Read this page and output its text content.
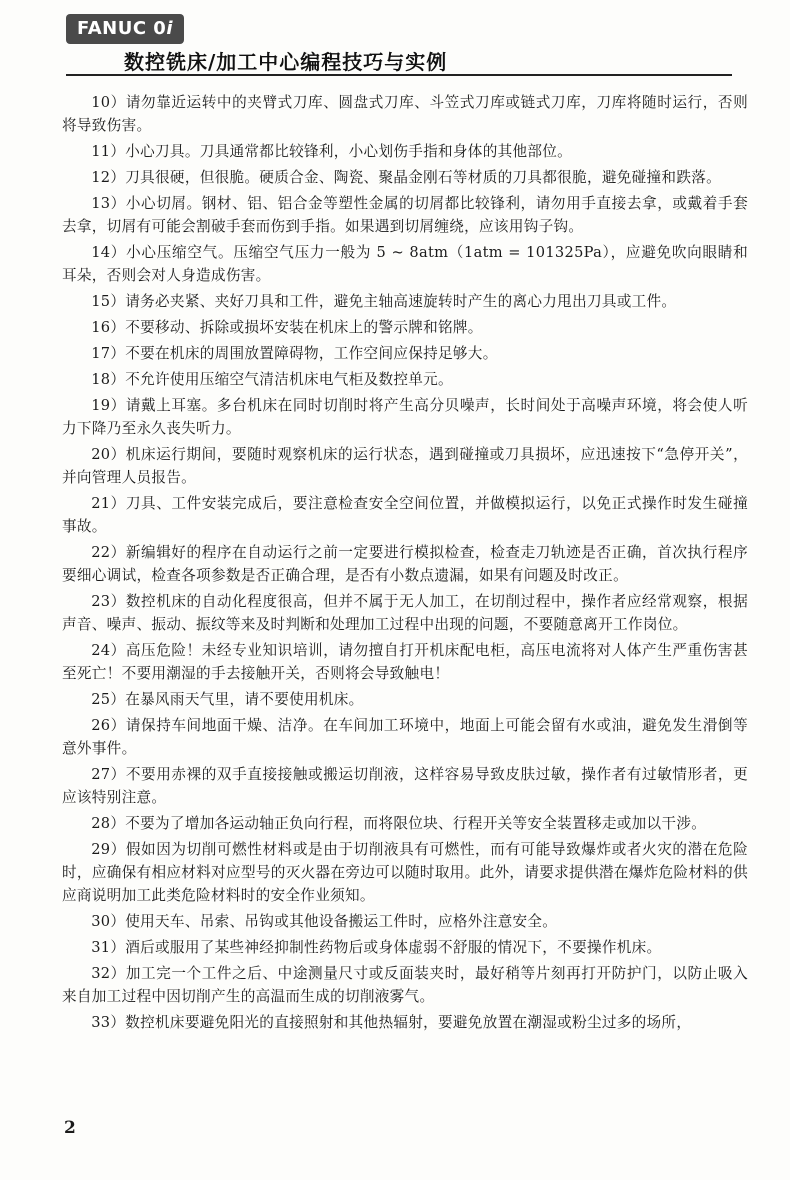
FANUC 0i
数控铣床/加工中心编程技巧与实例

10）请勿靠近运转中的夹臂式刀库、圆盘式刀库、斗笠式刀库或链式刀库，刀库将随时运行，否则将导致伤害。

11）小心刀具。刀具通常都比较锋利，小心划伤手指和身体的其他部位。

12）刀具很硬，但很脆。硬质合金、陶瓷、聚晶金刚石等材质的刀具都很脆，避免碰撞和跌落。

13）小心切屑。钢材、铝、铝合金等塑性金属的切屑都比较锋利，请勿用手直接去拿，或戴着手套去拿，切屑有可能会割破手套而伤到手指。如果遇到切屑缠绕，应该用钩子钩。

14）小心压缩空气。压缩空气压力一般为 5 ~ 8atm（1atm = 101325Pa），应避免吹向眼睛和耳朵，否则会对人身造成伤害。

15）请务必夹紧、夹好刀具和工件，避免主轴高速旋转时产生的离心力甩出刀具或工件。

16）不要移动、拆除或损坏安装在机床上的警示牌和铭牌。

17）不要在机床的周围放置障碍物，工作空间应保持足够大。

18）不允许使用压缩空气清洁机床电气柜及数控单元。

19）请戴上耳塞。多台机床在同时切削时将产生高分贝噪声，长时间处于高噪声环境，将会使人听力下降乃至永久丧失听力。

20）机床运行期间，要随时观察机床的运行状态，遇到碰撞或刀具损坏，应迅速按下“急停开关”，并向管理人员报告。

21）刀具、工件安装完成后，要注意检查安全空间位置，并做模拟运行，以免正式操作时发生碰撞事故。

22）新编辑好的程序在自动运行之前一定要进行模拟检查，检查走刀轨迹是否正确，首次执行程序要细心调试，检查各项参数是否正确合理，是否有小数点遗漏，如果有问题及时改正。

23）数控机床的自动化程度很高，但并不属于无人加工，在切削过程中，操作者应经常观察，根据声音、噪声、振动、振纹等来及时判断和处理加工过程中出现的问题，不要随意离开工作岗位。

24）高压危险！未经专业知识培训，请勿擅自打开机床配电柜，高压电流将对人体产生严重伤害甚至死亡！不要用潮湿的手去接触开关，否则将会导致触电！

25）在暴风雨天气里，请不要使用机床。

26）请保持车间地面干燥、洁净。在车间加工环境中，地面上可能会留有水或油，避免发生滑倒等意外事件。

27）不要用赤裸的双手直接接触或搬运切削液，这样容易导致皮肤过敏，操作者有过敏情形者，更应该特别注意。

28）不要为了增加各运动轴正负向行程，而将限位块、行程开关等安全装置移走或加以干涉。

29）假如因为切削可燃性材料或是由于切削液具有可燃性，而有可能导致爆炸或者火灾的潜在危险时，应确保有相应材料对应型号的灭火器在旁边可以随时取用。此外，请要求提供潜在爆炸危险材料的供应商说明加工此类危险材料时的安全作业须知。

30）使用天车、吊索、吊钩或其他设备搬运工件时，应格外注意安全。

31）酒后或服用了某些神经抑制性药物后或身体虚弱不舒服的情况下，不要操作机床。

32）加工完一个工件之后、中途测量尺寸或反面装夹时，最好稍等片刻再打开防护门，以防止吸入来自加工过程中因切削产生的高温而生成的切削液雾气。

33）数控机床要避免阳光的直接照射和其他热辐射，要避免放置在潮湿或粉尘过多的场所，

2
